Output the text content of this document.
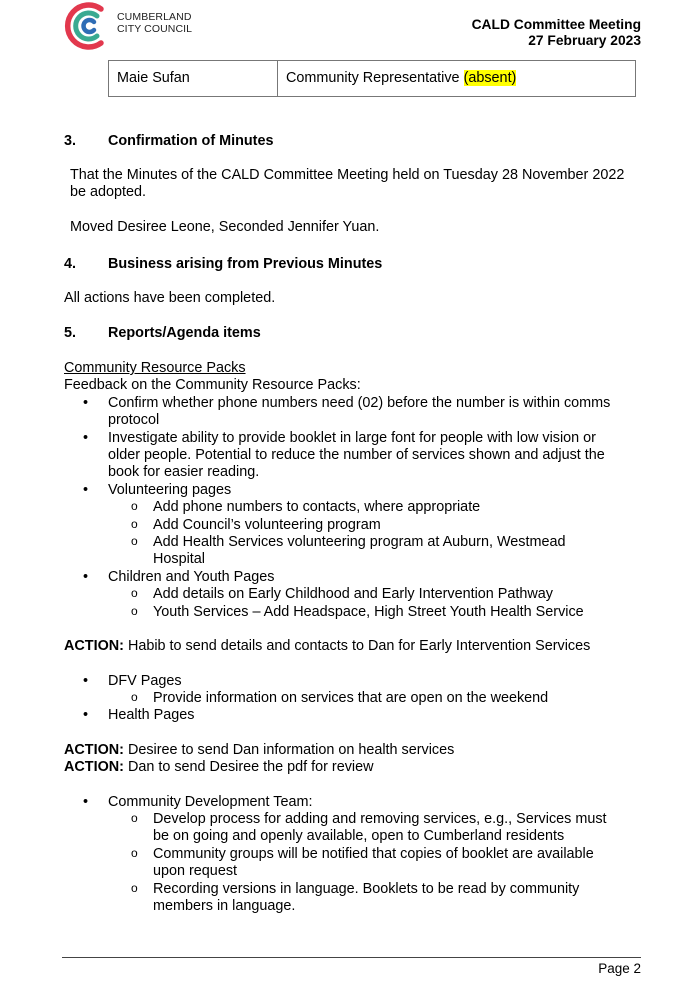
CUMBERLAND
CITY COUNCIL	CALD Committee Meeting
27 February 2023
Maie Sufan	Community Representative (absent)
3. Confirmation of Minutes
That the Minutes of the CALD Committee Meeting held on Tuesday 28 November 2022
be adopted.
Moved Desiree Leone, Seconded Jennifer Yuan.
4. Business arising from Previous Minutes
All actions have been completed.
5. Reports/Agenda items
Community Resource Packs
Feedback on the Community Resource Packs:
• Confirm whether phone numbers need (02) before the number is within comms
protocol
• Investigate ability to provide booklet in large font for people with low vision or
older people. Potential to reduce the number of services shown and adjust the
book for easier reading.
• Volunteering pages
o Add phone numbers to contacts, where appropriate
o Add Council’s volunteering program
o Add Health Services volunteering program at Auburn, Westmead
Hospital
• Children and Youth Pages
o Add details on Early Childhood and Early Intervention Pathway
o Youth Services – Add Headspace, High Street Youth Health Service
ACTION: Habib to send details and contacts to Dan for Early Intervention Services
• DFV Pages
o Provide information on services that are open on the weekend
• Health Pages
ACTION: Desiree to send Dan information on health services
ACTION: Dan to send Desiree the pdf for review
• Community Development Team:
o Develop process for adding and removing services, e.g., Services must
be on going and openly available, open to Cumberland residents
o Community groups will be notified that copies of booklet are available
upon request
o Recording versions in language. Booklets to be read by community
members in language.
Page 2
